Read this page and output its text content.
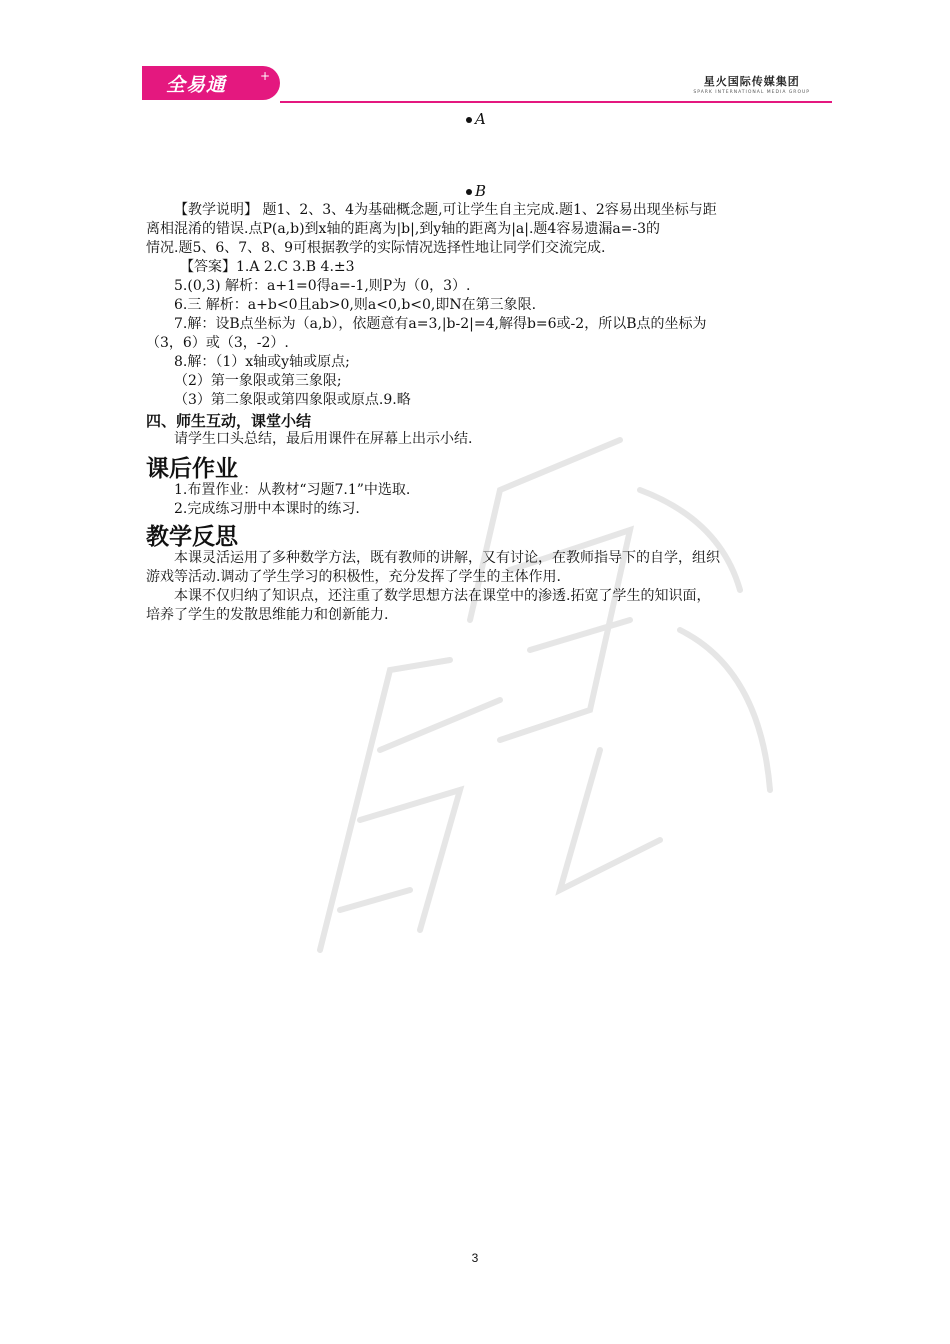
全易通	+	星火国际传媒集团
SPARK INTERNATIONAL MEDIA GROUP
A
B
【教学说明】 题1、2、3、4为基础概念题,可让学生自主完成.题1、2容易出现坐标与距
离相混淆的错误.点P(a,b)到x轴的距离为|b|,到y轴的距离为|a|.题4容易遗漏a=-3的
情况.题5、6、7、8、9可根据教学的实际情况选择性地让同学们交流完成.
【答案】1.A 2.C 3.B 4.±3
5.(0,3) 解析：a+1=0得a=-1,则P为（0，3）.
6.三 解析：a+b<0且ab>0,则a<0,b<0,即N在第三象限.
7.解：设B点坐标为（a,b），依题意有a=3,|b-2|=4,解得b=6或-2，所以B点的坐标为
（3，6）或（3，-2）.
8.解：（1）x轴或y轴或原点;
（2）第一象限或第三象限;
（3）第二象限或第四象限或原点.9.略
四、师生互动，课堂小结
请学生口头总结，最后用课件在屏幕上出示小结.
课后作业
1.布置作业：从教材“习题7.1”中选取.
2.完成练习册中本课时的练习.
教学反思
本课灵活运用了多种数学方法，既有教师的讲解，又有讨论，在教师指导下的自学，组织
游戏等活动.调动了学生学习的积极性，充分发挥了学生的主体作用.
本课不仅归纳了知识点，还注重了数学思想方法在课堂中的渗透.拓宽了学生的知识面，
培养了学生的发散思维能力和创新能力.
3
